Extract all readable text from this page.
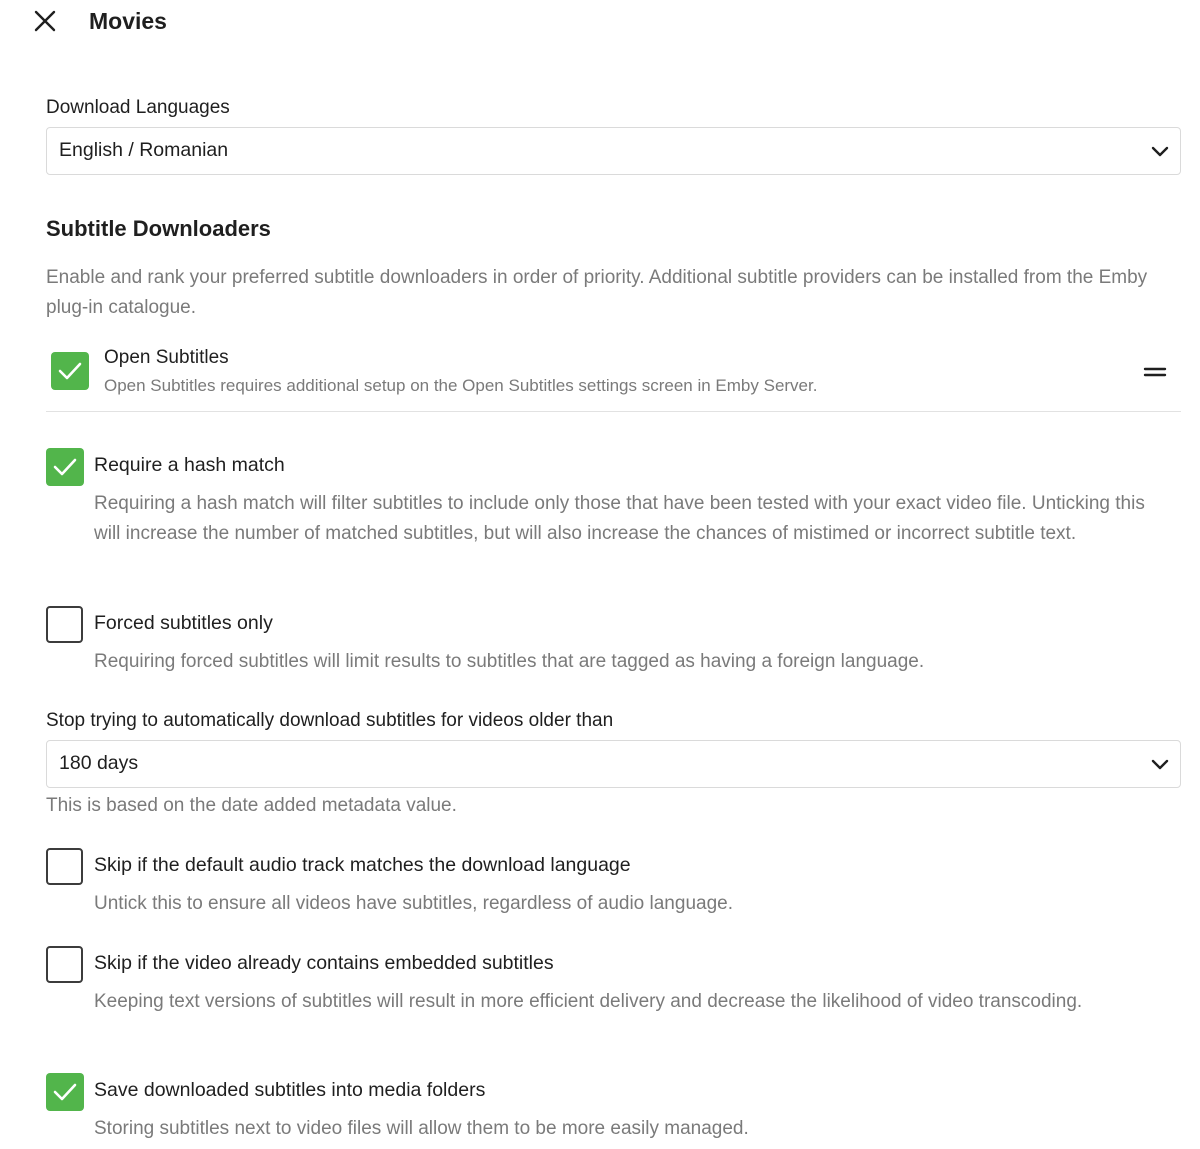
Movies
Download Languages
English / Romanian
Subtitle Downloaders
Enable and rank your preferred subtitle downloaders in order of priority. Additional subtitle providers can be installed from the Emby plug-in catalogue.
Open Subtitles
Open Subtitles requires additional setup on the Open Subtitles settings screen in Emby Server.
Require a hash match
Requiring a hash match will filter subtitles to include only those that have been tested with your exact video file. Unticking this will increase the number of matched subtitles, but will also increase the chances of mistimed or incorrect subtitle text.
Forced subtitles only
Requiring forced subtitles will limit results to subtitles that are tagged as having a foreign language.
Stop trying to automatically download subtitles for videos older than
180 days
This is based on the date added metadata value.
Skip if the default audio track matches the download language
Untick this to ensure all videos have subtitles, regardless of audio language.
Skip if the video already contains embedded subtitles
Keeping text versions of subtitles will result in more efficient delivery and decrease the likelihood of video transcoding.
Save downloaded subtitles into media folders
Storing subtitles next to video files will allow them to be more easily managed.
